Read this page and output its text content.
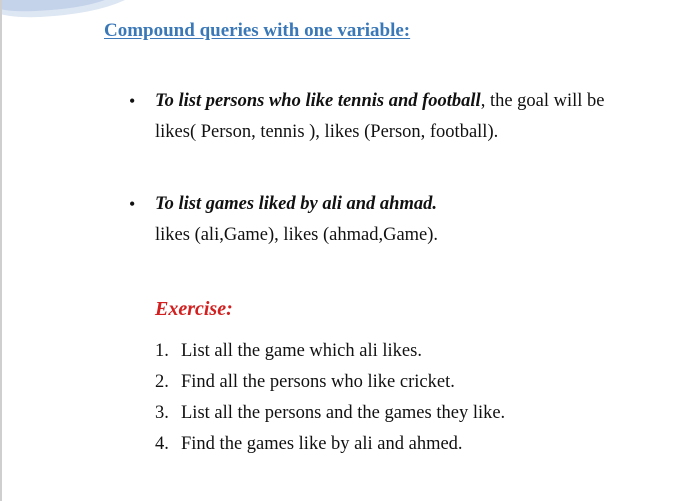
Compound queries with one variable:
• To list persons who like tennis and football, the goal will be
likes( Person, tennis ), likes (Person, football).
• To list games liked by ali and ahmad.
likes (ali,Game), likes (ahmad,Game).
Exercise:
1. List all the game which ali likes.
2. Find all the persons who like cricket.
3. List all the persons and the games they like.
4. Find the games like by ali and ahmed.
